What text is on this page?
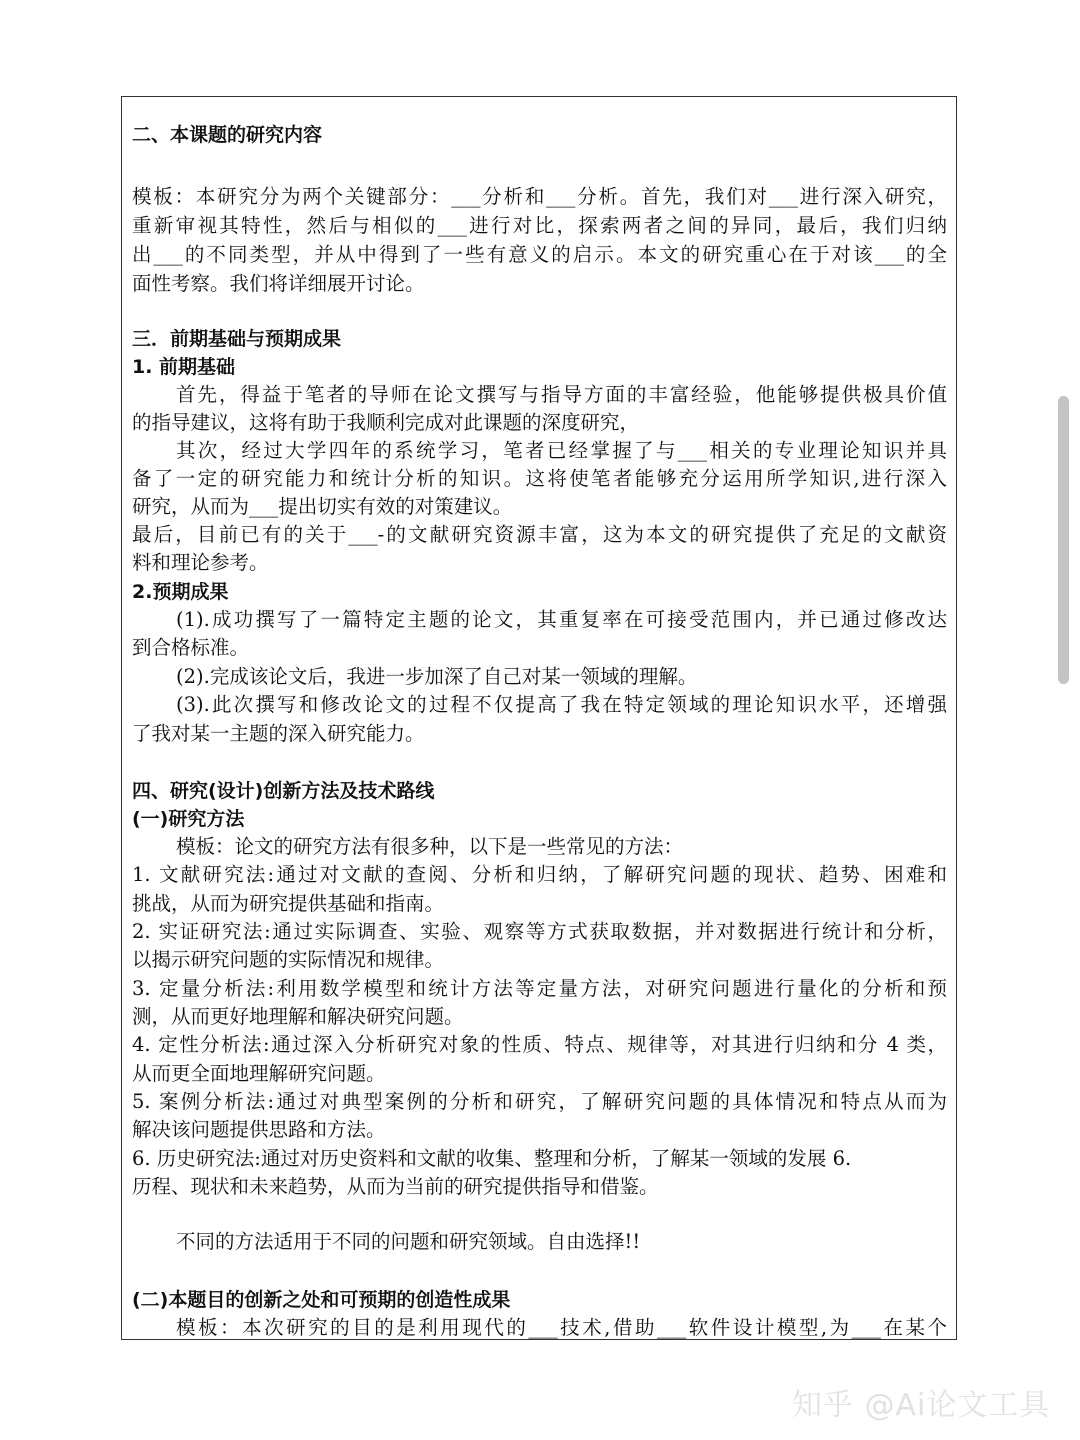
二、本课题的研究内容
模板：本研究分为两个关键部分：___分析和___分析。首先，我们对___进行深入研究，
重新审视其特性，然后与相似的___进行对比，探索两者之间的异同，最后，我们归纳
出___的不同类型，并从中得到了一些有意义的启示。本文的研究重心在于对该___的全
面性考察。我们将详细展开讨论。
三．前期基础与预期成果
1. 前期基础
首先，得益于笔者的导师在论文撰写与指导方面的丰富经验，他能够提供极具价值
的指导建议，这将有助于我顺利完成对此课题的深度研究，
其次，经过大学四年的系统学习，笔者已经掌握了与___相关的专业理论知识并具
备了一定的研究能力和统计分析的知识。这将使笔者能够充分运用所学知识,进行深入
研究，从而为___提出切实有效的对策建议。
最后，目前已有的关于___-的文献研究资源丰富，这为本文的研究提供了充足的文献资
料和理论参考。
2.预期成果
(1).成功撰写了一篇特定主题的论文，其重复率在可接受范围内，并已通过修改达
到合格标准。
(2).完成该论文后，我进一步加深了自己对某一领域的理解。
(3).此次撰写和修改论文的过程不仅提高了我在特定领域的理论知识水平，还增强
了我对某一主题的深入研究能力。
四、研究(设计)创新方法及技术路线
(一)研究方法
模板：论文的研究方法有很多种，以下是一些常见的方法：
1. 文献研究法:通过对文献的查阅、分析和归纳，了解研究问题的现状、趋势、困难和
挑战，从而为研究提供基础和指南。
2. 实证研究法:通过实际调查、实验、观察等方式获取数据，并对数据进行统计和分析，
以揭示研究问题的实际情况和规律。
3. 定量分析法:利用数学模型和统计方法等定量方法，对研究问题进行量化的分析和预
测，从而更好地理解和解决研究问题。
4. 定性分析法:通过深入分析研究对象的性质、特点、规律等，对其进行归纳和分 4 类，
从而更全面地理解研究问题。
5. 案例分析法:通过对典型案例的分析和研究，了解研究问题的具体情况和特点从而为
解决该问题提供思路和方法。
6. 历史研究法:通过对历史资料和文献的收集、整理和分析，了解某一领域的发展 6.
历程、现状和未来趋势，从而为当前的研究提供指导和借鉴。
不同的方法适用于不同的问题和研究领域。自由选择!!
(二)本题目的创新之处和可预期的创造性成果
模板：本次研究的目的是利用现代的___技术,借助___软件设计模型,为___在某个
知乎 @Ai论文工具
